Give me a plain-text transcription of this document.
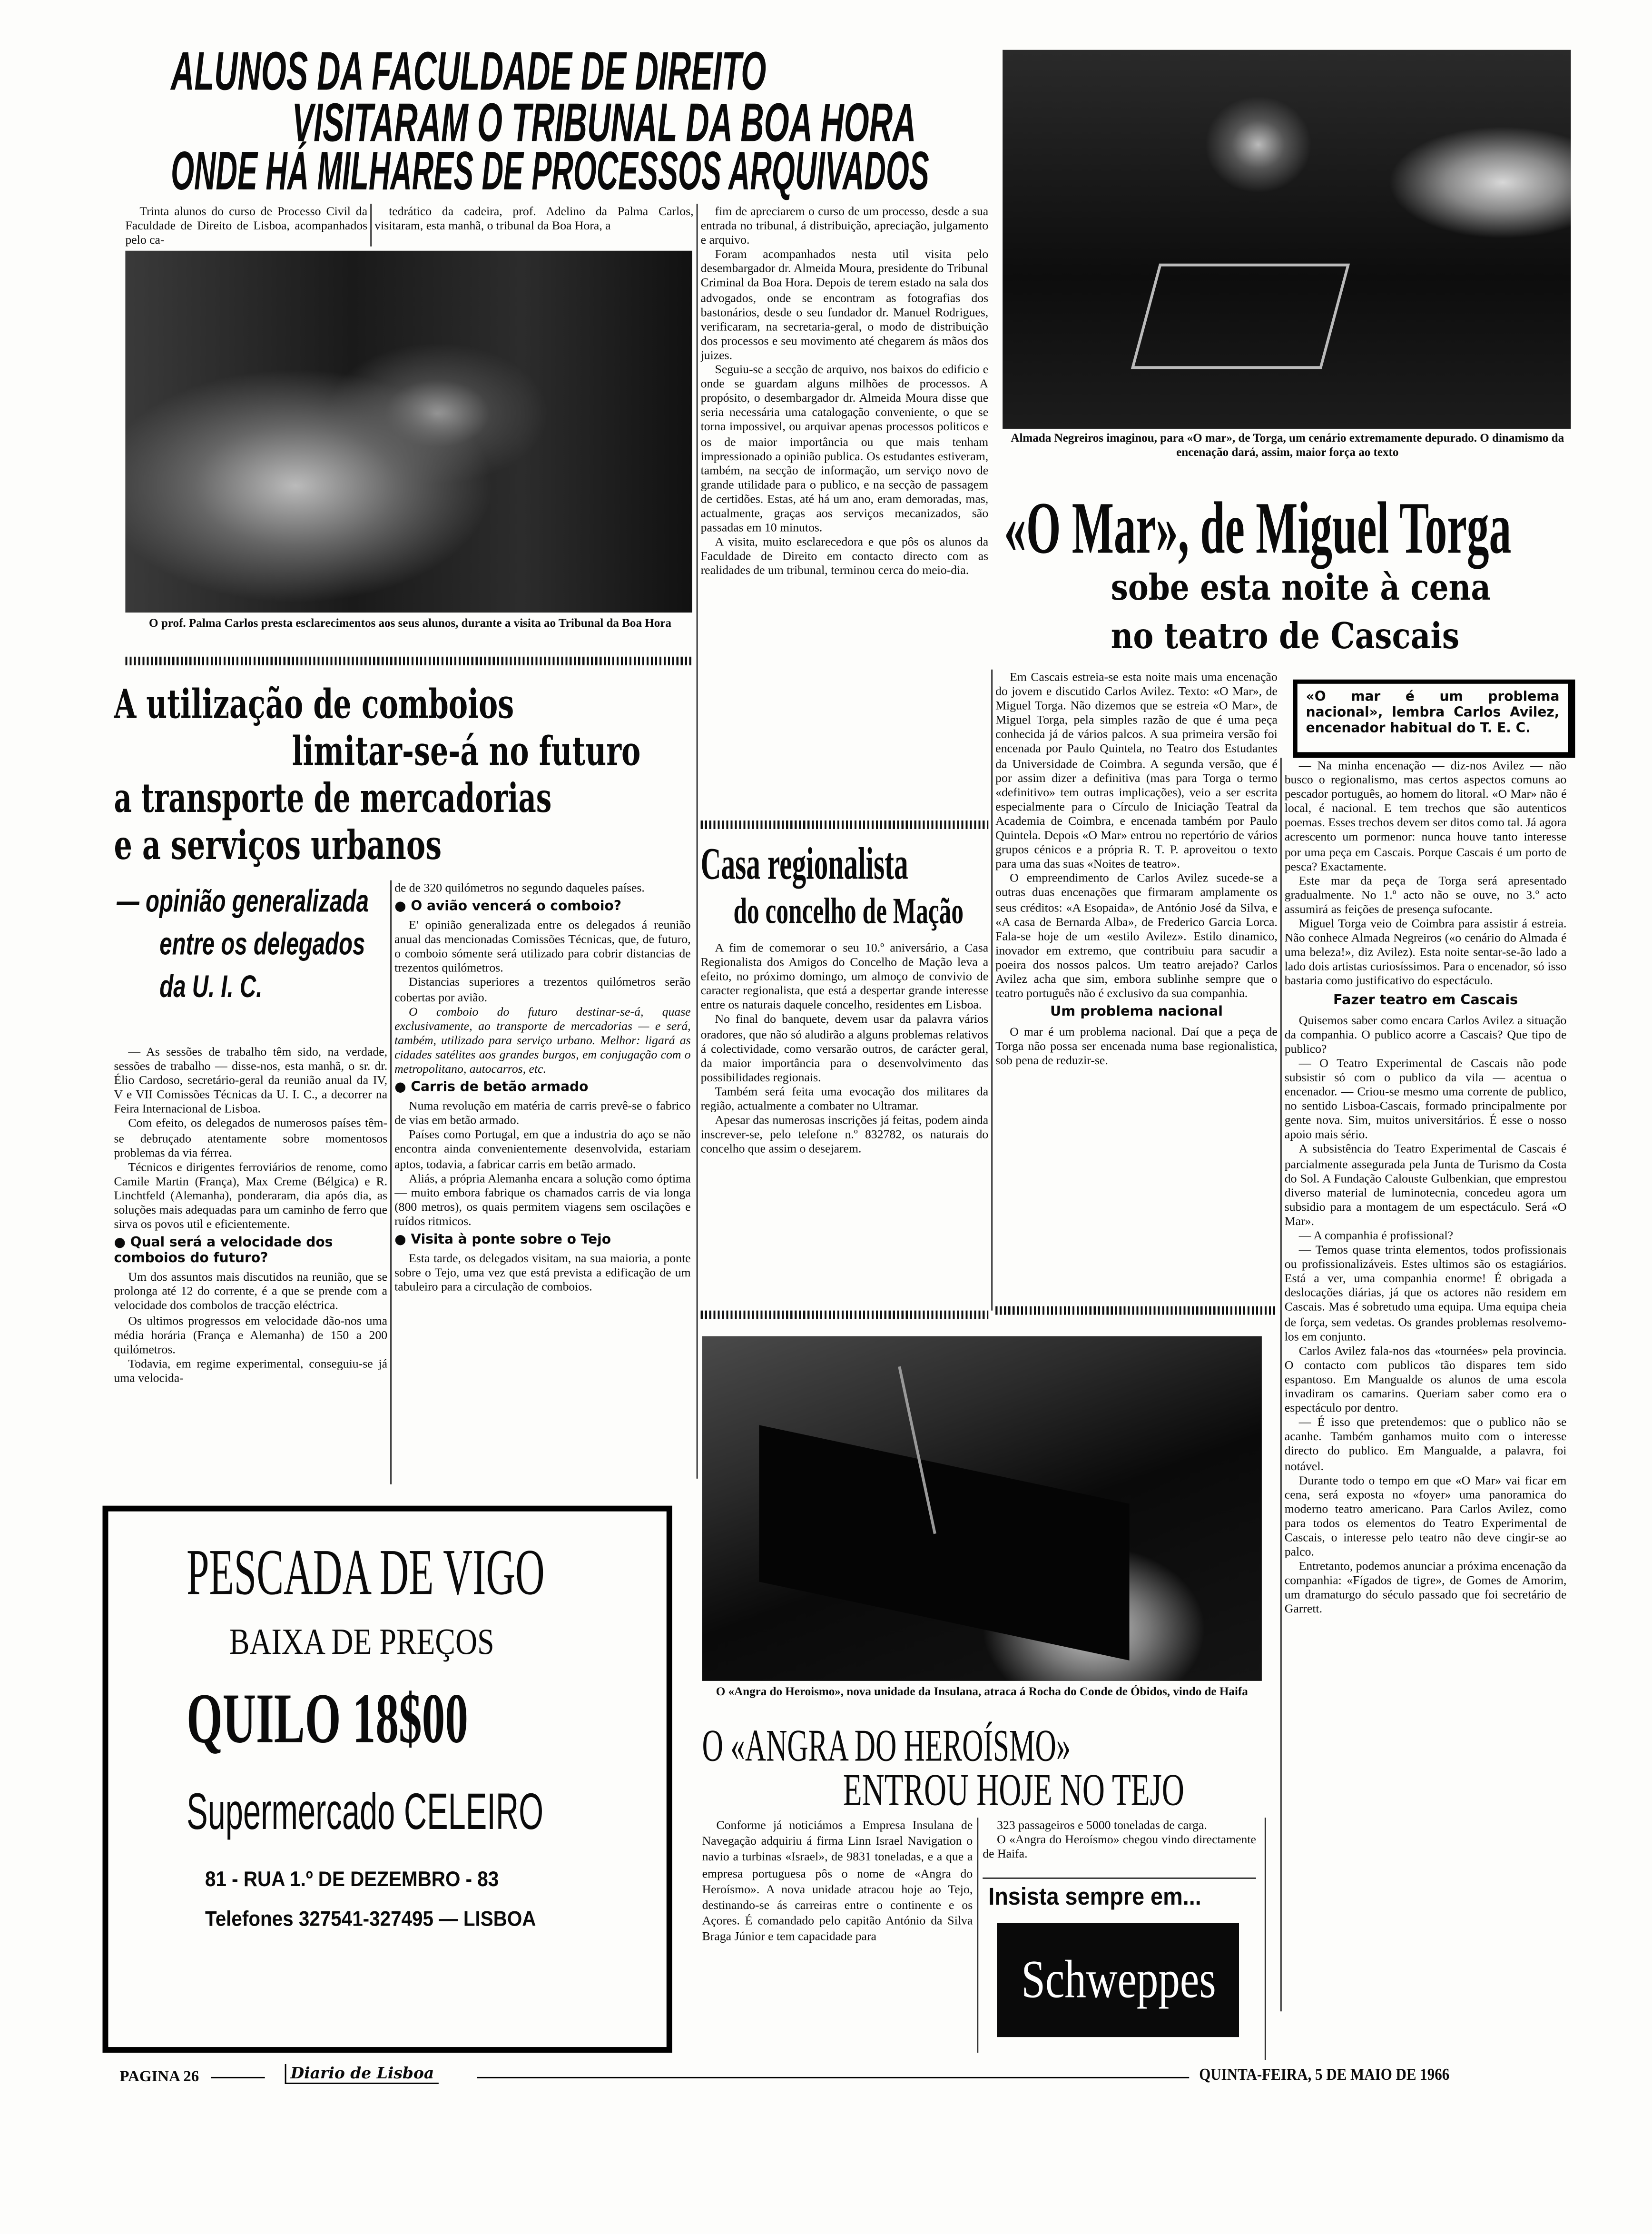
ALUNOS DA FACULDADE DE DIREITO
VISITARAM O TRIBUNAL DA BOA HORA
ONDE HÁ MILHARES DE PROCESSOS ARQUIVADOS

Trinta alunos do curso de Processo Civil da Faculdade de Direito de Lisboa, acompanhados pelo ca-

tedrático da cadeira, prof. Adelino da Palma Carlos, visitaram, esta manhã, o tribunal da Boa Hora, a

fim de apreciarem o curso de um processo, desde a sua entrada no tribunal, á distribuição, apreciação, julgamento e arquivo.

Foram acompanhados nesta util visita pelo desembargador dr. Almeida Moura, presidente do Tribunal Criminal da Boa Hora. Depois de terem estado na sala dos advogados, onde se encontram as fotografias dos bastonários, desde o seu fundador dr. Manuel Rodrigues, verificaram, na secretaria-geral, o modo de distribuição dos processos e seu movimento até chegarem ás mãos dos juizes.

Seguiu-se a secção de arquivo, nos baixos do edificio e onde se guardam alguns milhões de processos. A propósito, o desembargador dr. Almeida Moura disse que seria necessária uma catalogação conveniente, o que se torna impossivel, ou arquivar apenas processos politicos e os de maior importância ou que mais tenham impressionado a opinião publica. Os estudantes estiveram, também, na secção de informação, um serviço novo de grande utilidade para o publico, e na secção de passagem de certidões. Estas, até há um ano, eram demoradas, mas, actualmente, graças aos serviços mecanizados, são passadas em 10 minutos.

A visita, muito esclarecedora e que pôs os alunos da Faculdade de Direito em contacto directo com as realidades de um tribunal, terminou cerca do meio-dia.

O prof. Palma Carlos presta esclarecimentos aos seus alunos, durante a visita ao Tribunal da Boa Hora
Casa regionalista
do concelho de Mação

A fim de comemorar o seu 10.º aniversário, a Casa Regionalista dos Amigos do Concelho de Mação leva a efeito, no próximo domingo, um almoço de convivio de caracter regionalista, que está a despertar grande interesse entre os naturais daquele concelho, residentes em Lisboa.

No final do banquete, devem usar da palavra vários oradores, que não só aludirão a alguns problemas relativos á colectividade, como versarão outros, de carácter geral, da maior importância para o desenvolvimento das possibilidades regionais.

Também será feita uma evocação dos militares da região, actualmente a combater no Ultramar.

Apesar das numerosas inscrições já feitas, podem ainda inscrever-se, pelo telefone n.º 832782, os naturais do concelho que assim o desejarem.

A utilização de comboios
limitar-se-á no futuro
a transporte de mercadorias
e a serviços urbanos
— opinião generalizada
entre os delegados
da U. I. C.

— As sessões de trabalho têm sido, na verdade, sessões de trabalho — disse-nos, esta manhã, o sr. dr. Élio Cardoso, secretário-geral da reunião anual da IV, V e VII Comissões Técnicas da U. I. C., a decorrer na Feira Internacional de Lisboa.

Com efeito, os delegados de numerosos países têm-se debruçado atentamente sobre momentosos problemas da via férrea.

Técnicos e dirigentes ferroviários de renome, como Camile Martin (França), Max Creme (Bélgica) e R. Linchtfeld (Alemanha), ponderaram, dia após dia, as soluções mais adequadas para um caminho de ferro que sirva os povos util e eficientemente.

● Qual será a velocidade dos comboios do futuro?

Um dos assuntos mais discutidos na reunião, que se prolonga até 12 do corrente, é a que se prende com a velocidade dos combolos de tracção eléctrica.

Os ultimos progressos em velocidade dão-nos uma média horária (França e Alemanha) de 150 a 200 quilómetros.

Todavia, em regime experimental, conseguiu-se já uma velocida-

de de 320 quilómetros no segundo daqueles países.

● O avião vencerá o comboio?

E' opinião generalizada entre os delegados á reunião anual das mencionadas Comissões Técnicas, que, de futuro, o comboio sómente será utilizado para cobrir distancias de trezentos quilómetros.

Distancias superiores a trezentos quilómetros serão cobertas por avião.

O comboio do futuro destinar-se-á, quase exclusivamente, ao transporte de mercadorias — e será, também, utilizado para serviço urbano. Melhor: ligará as cidades satélites aos grandes burgos, em conjugação com o metropolitano, autocarros, etc.

● Carris de betão armado

Numa revolução em matéria de carris prevê-se o fabrico de vias em betão armado.

Países como Portugal, em que a industria do aço se não encontra ainda convenientemente desenvolvida, estariam aptos, todavia, a fabricar carris em betão armado.

Aliás, a própria Alemanha encara a solução como óptima — muito embora fabrique os chamados carris de via longa (800 metros), os quais permitem viagens sem oscilações e ruídos ritmicos.

● Visita à ponte sobre o Tejo

Esta tarde, os delegados visitam, na sua maioria, a ponte sobre o Tejo, uma vez que está prevista a edificação de um tabuleiro para a circulação de comboios.

PESCADA DE VIGO
BAIXA DE PREÇOS
QUILO 18$00
Supermercado CELEIRO
81 - RUA 1.º DE DEZEMBRO - 83
Telefones 327541-327495 — LISBOA
Almada Negreiros imaginou, para «O mar», de Torga, um cenário extremamente depurado. O dinamismo da encenação dará, assim, maior força ao texto
«O Mar», de Miguel Torga
sobe esta noite à cena
no teatro de Cascais

Em Cascais estreia-se esta noite mais uma encenação do jovem e discutido Carlos Avilez. Texto: «O Mar», de Miguel Torga. Não dizemos que se estreia «O Mar», de Miguel Torga, pela simples razão de que é uma peça conhecida já de vários palcos. A sua primeira versão foi encenada por Paulo Quintela, no Teatro dos Estudantes da Universidade de Coimbra. A segunda versão, que é por assim dizer a definitiva (mas para Torga o termo «definitivo» tem outras implicações), veio a ser escrita especialmente para o Círculo de Iniciação Teatral da Academia de Coimbra, e encenada também por Paulo Quintela. Depois «O Mar» entrou no repertório de vários grupos cénicos e a própria R. T. P. aproveitou o texto para uma das suas «Noites de teatro».

O empreendimento de Carlos Avilez sucede-se a outras duas encenações que firmaram amplamente os seus créditos: «A Esopaida», de António José da Silva, e «A casa de Bernarda Alba», de Frederico Garcia Lorca. Fala-se hoje de um «estilo Avilez». Estilo dinamico, inovador em extremo, que contribuiu para sacudir a poeira dos nossos palcos. Um teatro arejado? Carlos Avilez acha que sim, embora sublinhe sempre que o teatro português não é exclusivo da sua companhia.

Um problema nacional

O mar é um problema nacional. Daí que a peça de Torga não possa ser encenada numa base regionalistica, sob pena de reduzir-se.

«O mar é um problema nacional», lembra Carlos Avilez, encenador habitual do T. E. C.

— Na minha encenação — diz-nos Avilez — não busco o regionalismo, mas certos aspectos comuns ao pescador português, ao homem do litoral. «O Mar» não é local, é nacional. E tem trechos que são autenticos poemas. Esses trechos devem ser ditos como tal. Já agora acrescento um pormenor: nunca houve tanto interesse por uma peça em Cascais. Porque Cascais é um porto de pesca? Exactamente.

Este mar da peça de Torga será apresentado gradualmente. No 1.º acto não se ouve, no 3.º acto assumirá as feições de presença sufocante.

Miguel Torga veio de Coimbra para assistir á estreia. Não conhece Almada Negreiros («o cenário do Almada é uma beleza!», diz Avilez). Esta noite sentar-se-ão lado a lado dois artistas curiosíssimos. Para o encenador, só isso bastaria como justificativo do espectáculo.

Fazer teatro em Cascais

Quisemos saber como encara Carlos Avilez a situação da companhia. O publico acorre a Cascais? Que tipo de publico?

— O Teatro Experimental de Cascais não pode subsistir só com o publico da vila — acentua o encenador. — Criou-se mesmo uma corrente de publico, no sentido Lisboa-Cascais, formado principalmente por gente nova. Sim, muitos universitários. É esse o nosso apoio mais sério.

A subsistência do Teatro Experimental de Cascais é parcialmente assegurada pela Junta de Turismo da Costa do Sol. A Fundação Calouste Gulbenkian, que emprestou diverso material de luminotecnia, concedeu agora um subsidio para a montagem de um espectáculo. Será «O Mar».

— A companhia é profissional?

— Temos quase trinta elementos, todos profissionais ou profissionalizáveis. Estes ultimos são os estagiários. Está a ver, uma companhia enorme! É obrigada a deslocações diárias, já que os actores não residem em Cascais. Mas é sobretudo uma equipa. Uma equipa cheia de força, sem vedetas. Os grandes problemas resolvemo-los em conjunto.

Carlos Avilez fala-nos das «tournées» pela provincia. O contacto com publicos tão dispares tem sido espantoso. Em Mangualde os alunos de uma escola invadiram os camarins. Queriam saber como era o espectáculo por dentro.

— É isso que pretendemos: que o publico não se acanhe. Também ganhamos muito com o interesse directo do publico. Em Mangualde, a palavra, foi notável.

Durante todo o tempo em que «O Mar» vai ficar em cena, será exposta no «foyer» uma panoramica do moderno teatro americano. Para Carlos Avilez, como para todos os elementos do Teatro Experimental de Cascais, o interesse pelo teatro não deve cingir-se ao palco.

Entretanto, podemos anunciar a próxima encenação da companhia: «Fígados de tigre», de Gomes de Amorim, um dramaturgo do século passado que foi secretário de Garrett.

O «Angra do Heroismo», nova unidade da Insulana, atraca á Rocha do Conde de Óbidos, vindo de Haifa
O «ANGRA DO HEROÍSMO»
ENTROU HOJE NO TEJO

Conforme já noticiámos a Empresa Insulana de Navegação adquiriu á firma Linn Israel Navigation o navio a turbinas «Israel», de 9831 toneladas, e a que a empresa portuguesa pôs o nome de «Angra do Heroísmo». A nova unidade atracou hoje ao Tejo, destinando-se ás carreiras entre o continente e os Açores. É comandado pelo capitão António da Silva Braga Júnior e tem capacidade para

323 passageiros e 5000 toneladas de carga.

O «Angra do Heroísmo» chegou vindo directamente de Haifa.

Insista sempre em...
Schweppes
PAGINA 26	Diario de Lisboa	QUINTA-FEIRA, 5 DE MAIO DE 1966
